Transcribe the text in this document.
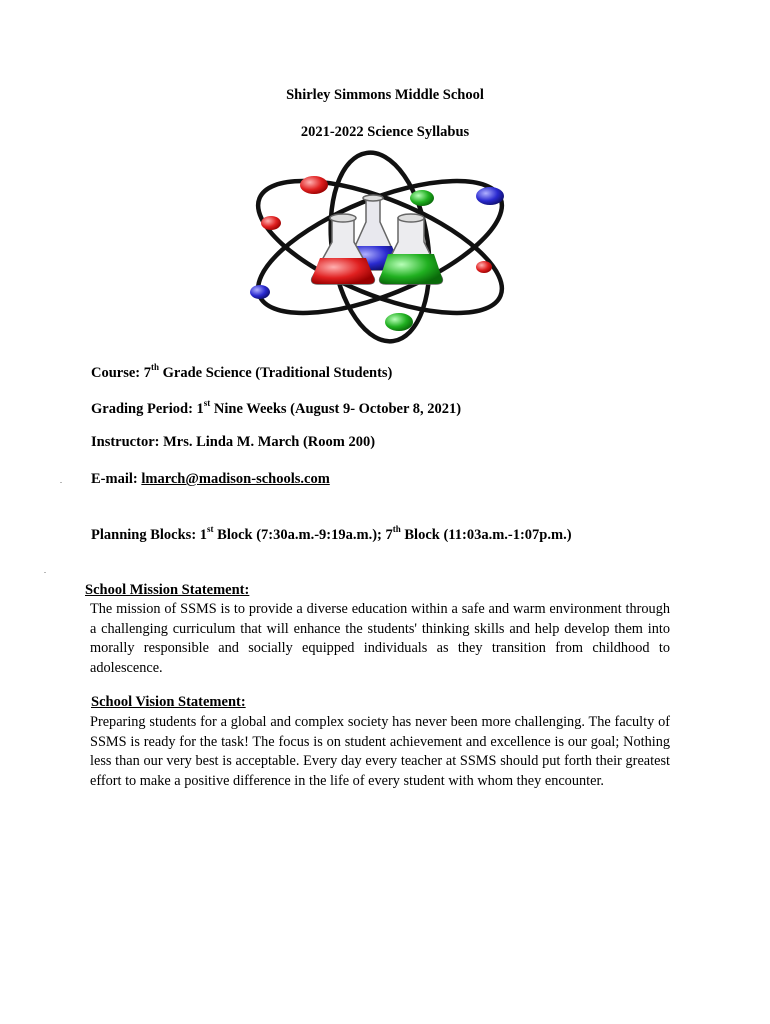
Shirley Simmons Middle School
2021-2022 Science Syllabus
Course: 7th Grade Science (Traditional Students)
Grading Period: 1st Nine Weeks (August 9- October 8, 2021)
Instructor: Mrs. Linda M. March (Room 200)
. E-mail: lmarch@madison-schools.com
Planning Blocks: 1st Block (7:30a.m.-9:19a.m.); 7th Block (11:03a.m.-1:07p.m.)
.
School Mission Statement:
The mission of SSMS is to provide a diverse education within a safe and warm environment through a challenging curriculum that will enhance the students' thinking skills and help develop them into morally responsible and socially equipped individuals as they transition from childhood to adolescence.
School Vision Statement:
Preparing students for a global and complex society has never been more challenging. The faculty of SSMS is ready for the task! The focus is on student achievement and excellence is our goal; Nothing less than our very best is acceptable. Every day every teacher at SSMS should put forth their greatest effort to make a positive difference in the life of every student with whom they encounter.
